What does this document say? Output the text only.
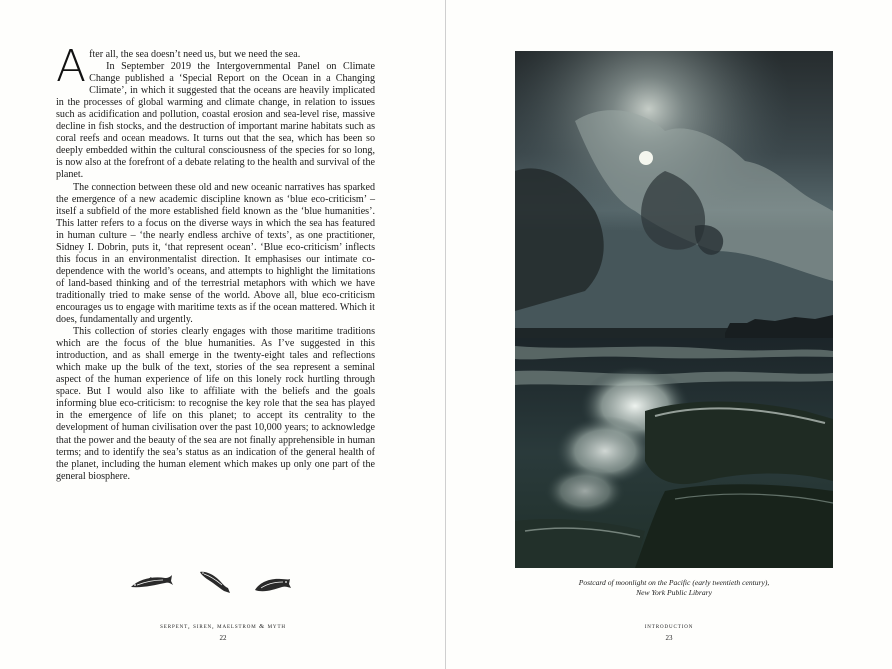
After all, the sea doesn’t need us, but we need the sea.

In September 2019 the Intergovernmental Panel on Climate Change published a ‘Special Report on the Ocean in a Changing Climate’, in which it suggested that the oceans are heavily implicated in the processes of global warming and climate change, in relation to issues such as acidification and pollution, coastal erosion and sea-level rise, massive decline in fish stocks, and the destruction of important marine habitats such as coral reefs and ocean meadows. It turns out that the sea, which has been so deeply embedded within the cultural consciousness of the species for so long, is now also at the forefront of a debate relating to the health and survival of the planet.

The connection between these old and new oceanic narratives has sparked the emergence of a new academic discipline known as ‘blue eco-criticism’ – itself a subfield of the more established field known as the ‘blue humanities’. This latter refers to a focus on the diverse ways in which the sea has featured in human culture – ‘the nearly endless archive of texts’, as one practitioner, Sidney I. Dobrin, puts it, ‘that represent ocean’. ‘Blue eco-criticism’ inflects this focus in an environmentalist direction. It emphasises our intimate co-dependence with the world’s oceans, and attempts to highlight the limitations of land-based thinking and of the terrestrial metaphors with which we have traditionally tried to make sense of the world. Above all, blue eco-criticism encourages us to engage with maritime texts as if the ocean mattered. Which it does, fundamentally and urgently.

This collection of stories clearly engages with those maritime traditions which are the focus of the blue humanities. As I’ve suggested in this introduction, and as shall emerge in the twenty-eight tales and reflections which make up the bulk of the text, stories of the sea represent a seminal aspect of the human experience of life on this lonely rock hurtling through space. But I would also like to affiliate with the beliefs and the goals informing blue eco-criticism: to recognise the key role that the sea has played in the emergence of life on this planet; to accept its centrality to the development of human civilisation over the past 10,000 years; to acknowledge that the power and the beauty of the sea are not finally apprehensible in human terms; and to identify the sea’s status as an indication of the general health of the planet, including the human element which makes up only one part of the general biosphere.

serpent, siren, maelstrom & myth
22
Postcard of moonlight on the Pacific (early twentieth century),
New York Public Library
introduction
23
